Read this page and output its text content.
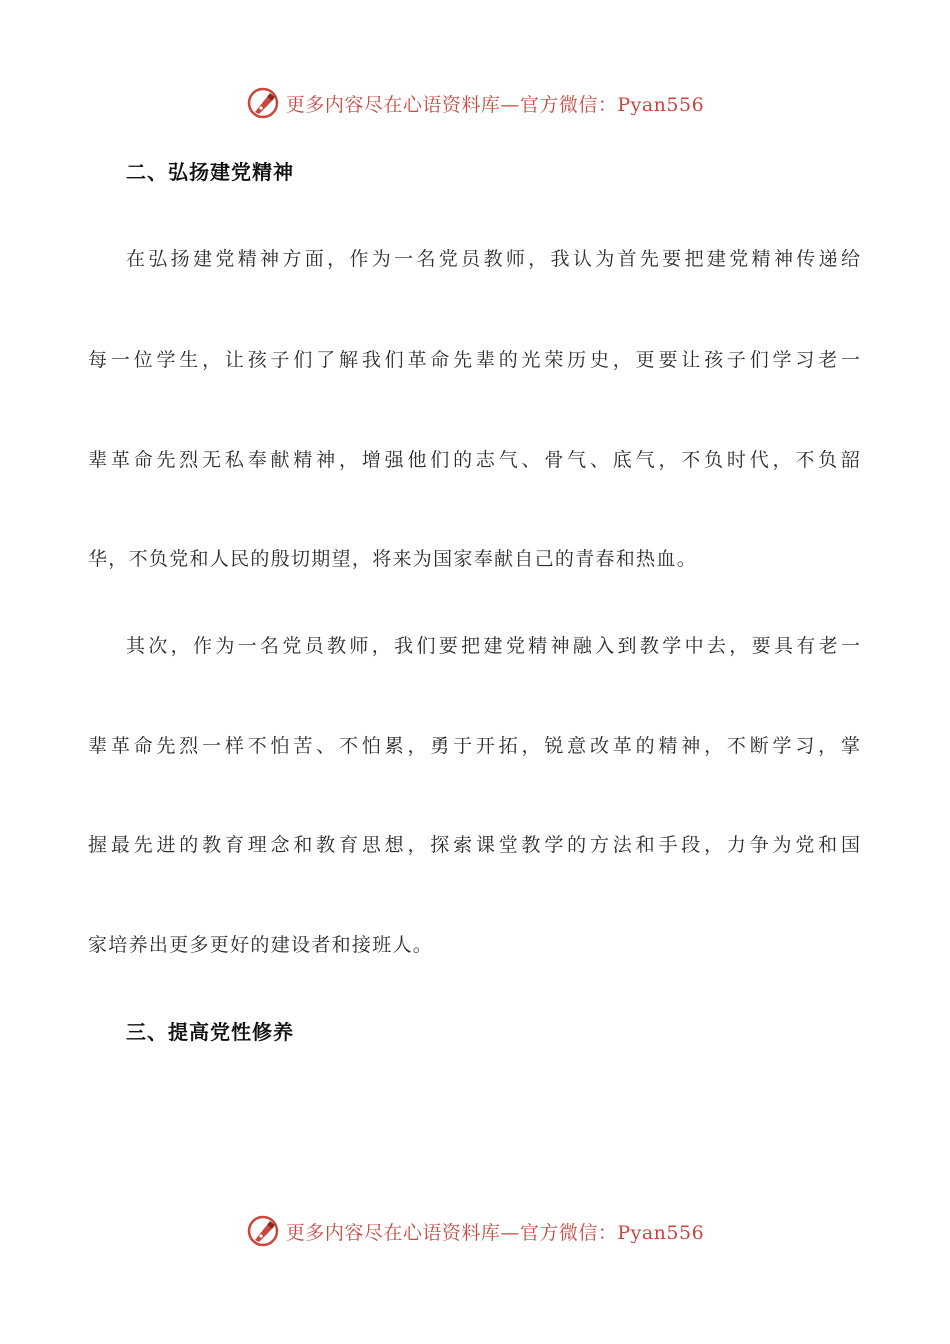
更多内容尽在心语资料库—官方微信：Pyan556
二、弘扬建党精神
在弘扬建党精神方面，作为一名党员教师，我认为首先要把建党精神传递给
每一位学生，让孩子们了解我们革命先辈的光荣历史，更要让孩子们学习老一
辈革命先烈无私奉献精神，增强他们的志气、骨气、底气，不负时代，不负韶
华，不负党和人民的殷切期望，将来为国家奉献自己的青春和热血。
其次，作为一名党员教师，我们要把建党精神融入到教学中去，要具有老一
辈革命先烈一样不怕苦、不怕累，勇于开拓，锐意改革的精神，不断学习，掌
握最先进的教育理念和教育思想，探索课堂教学的方法和手段，力争为党和国
家培养出更多更好的建设者和接班人。
三、提高党性修养
更多内容尽在心语资料库—官方微信：Pyan556
